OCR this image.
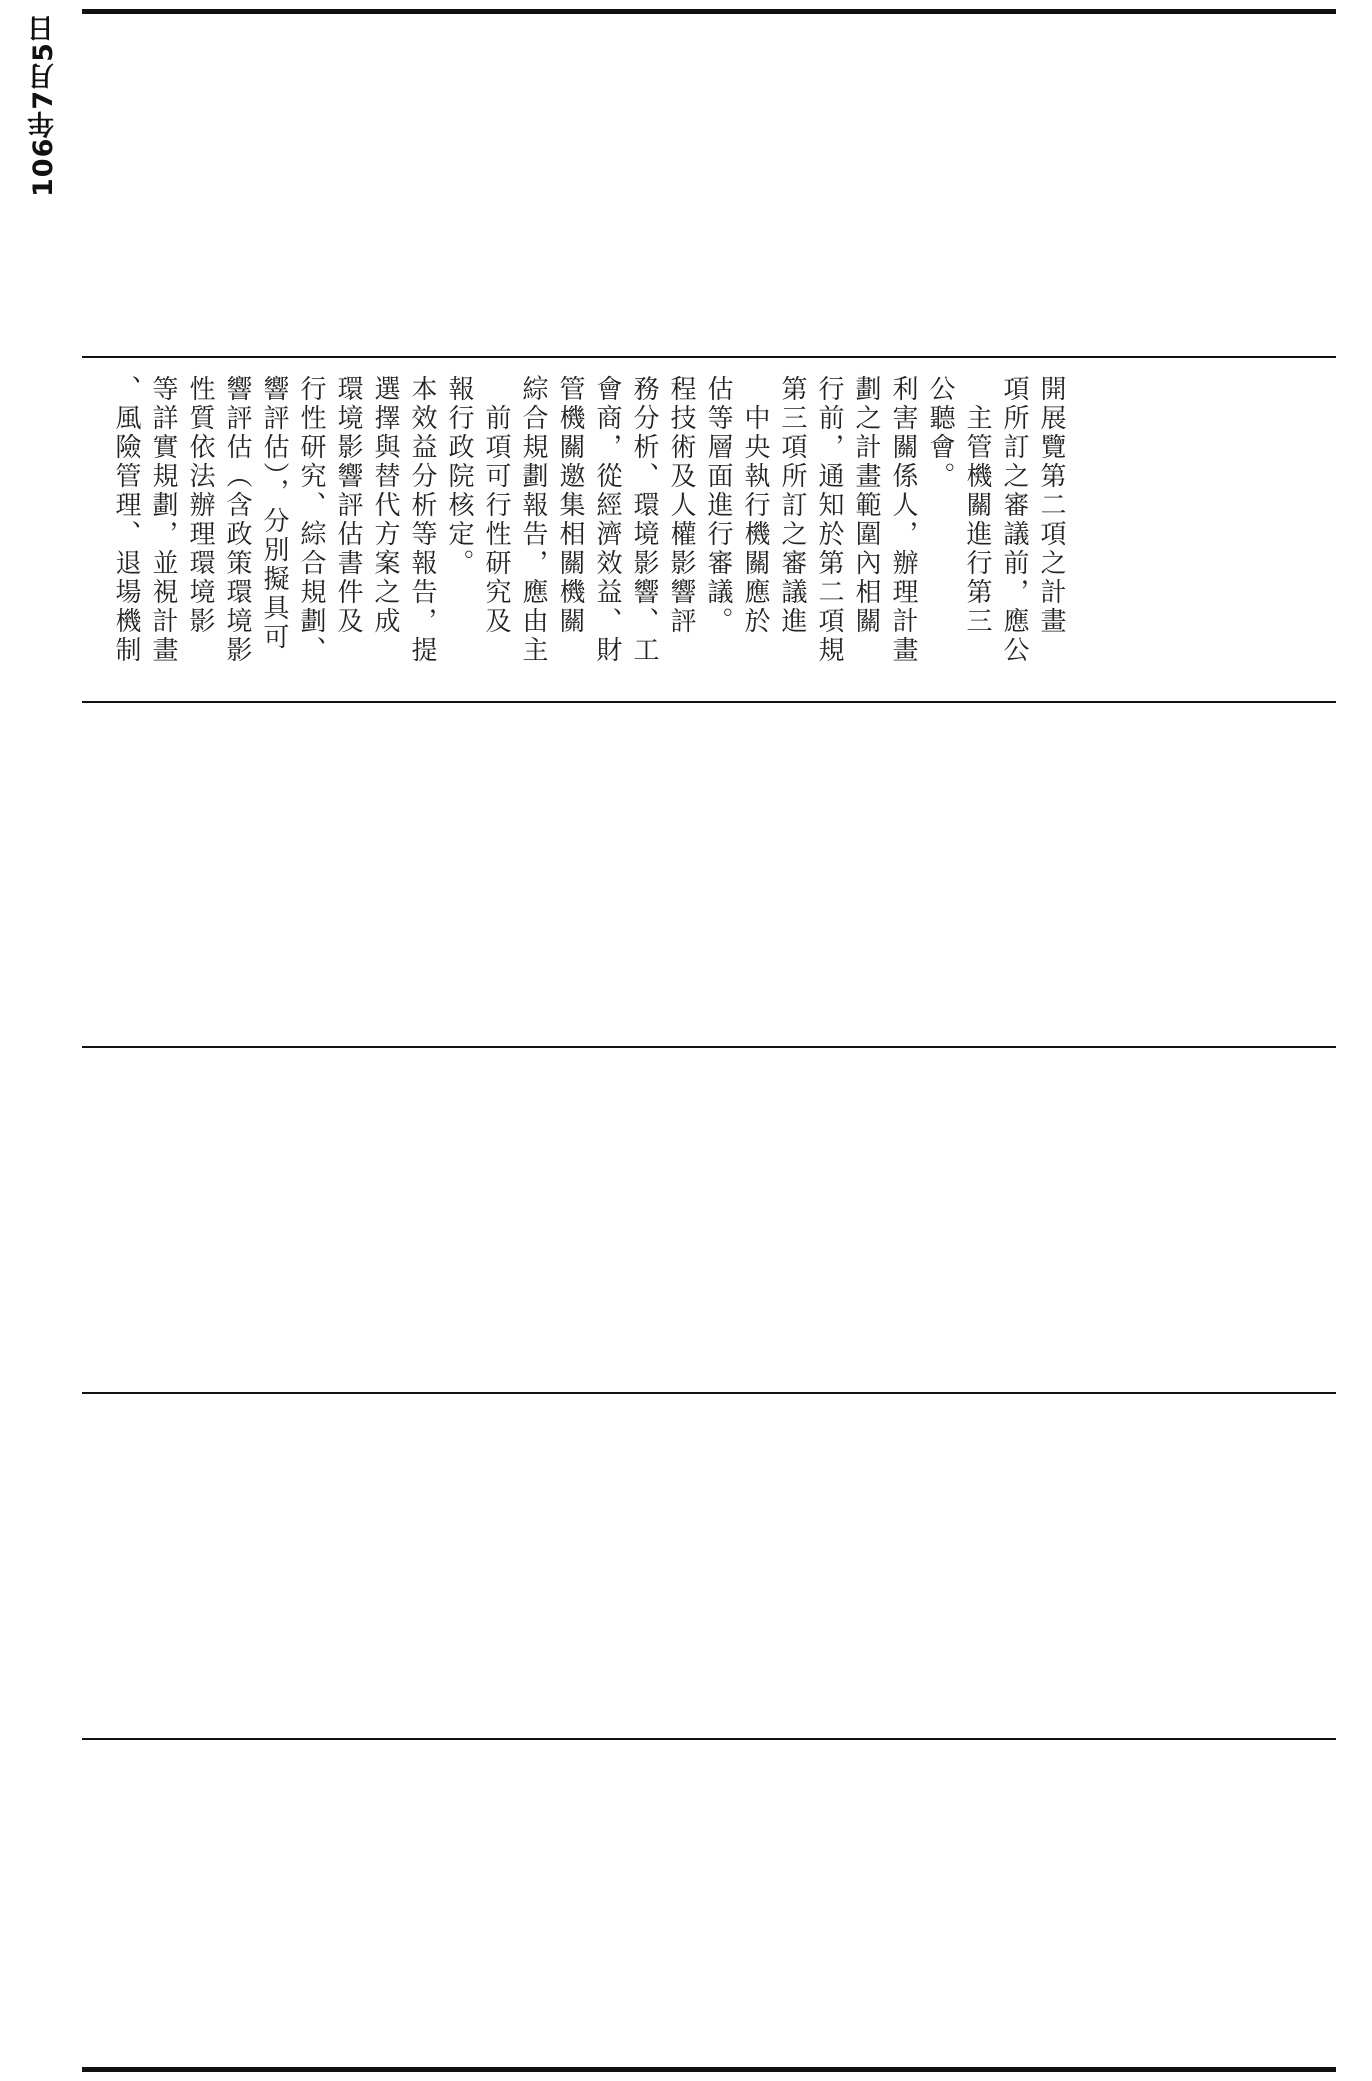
106年7月5日
、風險管理、退場機制 等詳實規劃，並視計畫 性質依法辦理環境影 響評估（含政策環境影 響評估），分別擬具可 行性研究、綜合規劃、 環境影響評估書件及 選擇與替代方案之成 本效益分析等報告，提 報行政院核定。 　前項可行性研究及 綜合規劃報告，應由主 管機關邀集相關機關 會商，從經濟效益、財 務分析、環境影響、工 程技術及人權影響評 估等層面進行審議。 　中央執行機關應於 第三項所訂之審議進 行前，通知於第二項規 劃之計畫範圍內相關 利害關係人，辦理計畫 公聽會。 　主管機關進行第三 項所訂之審議前，應公 開展覽第二項之計畫
